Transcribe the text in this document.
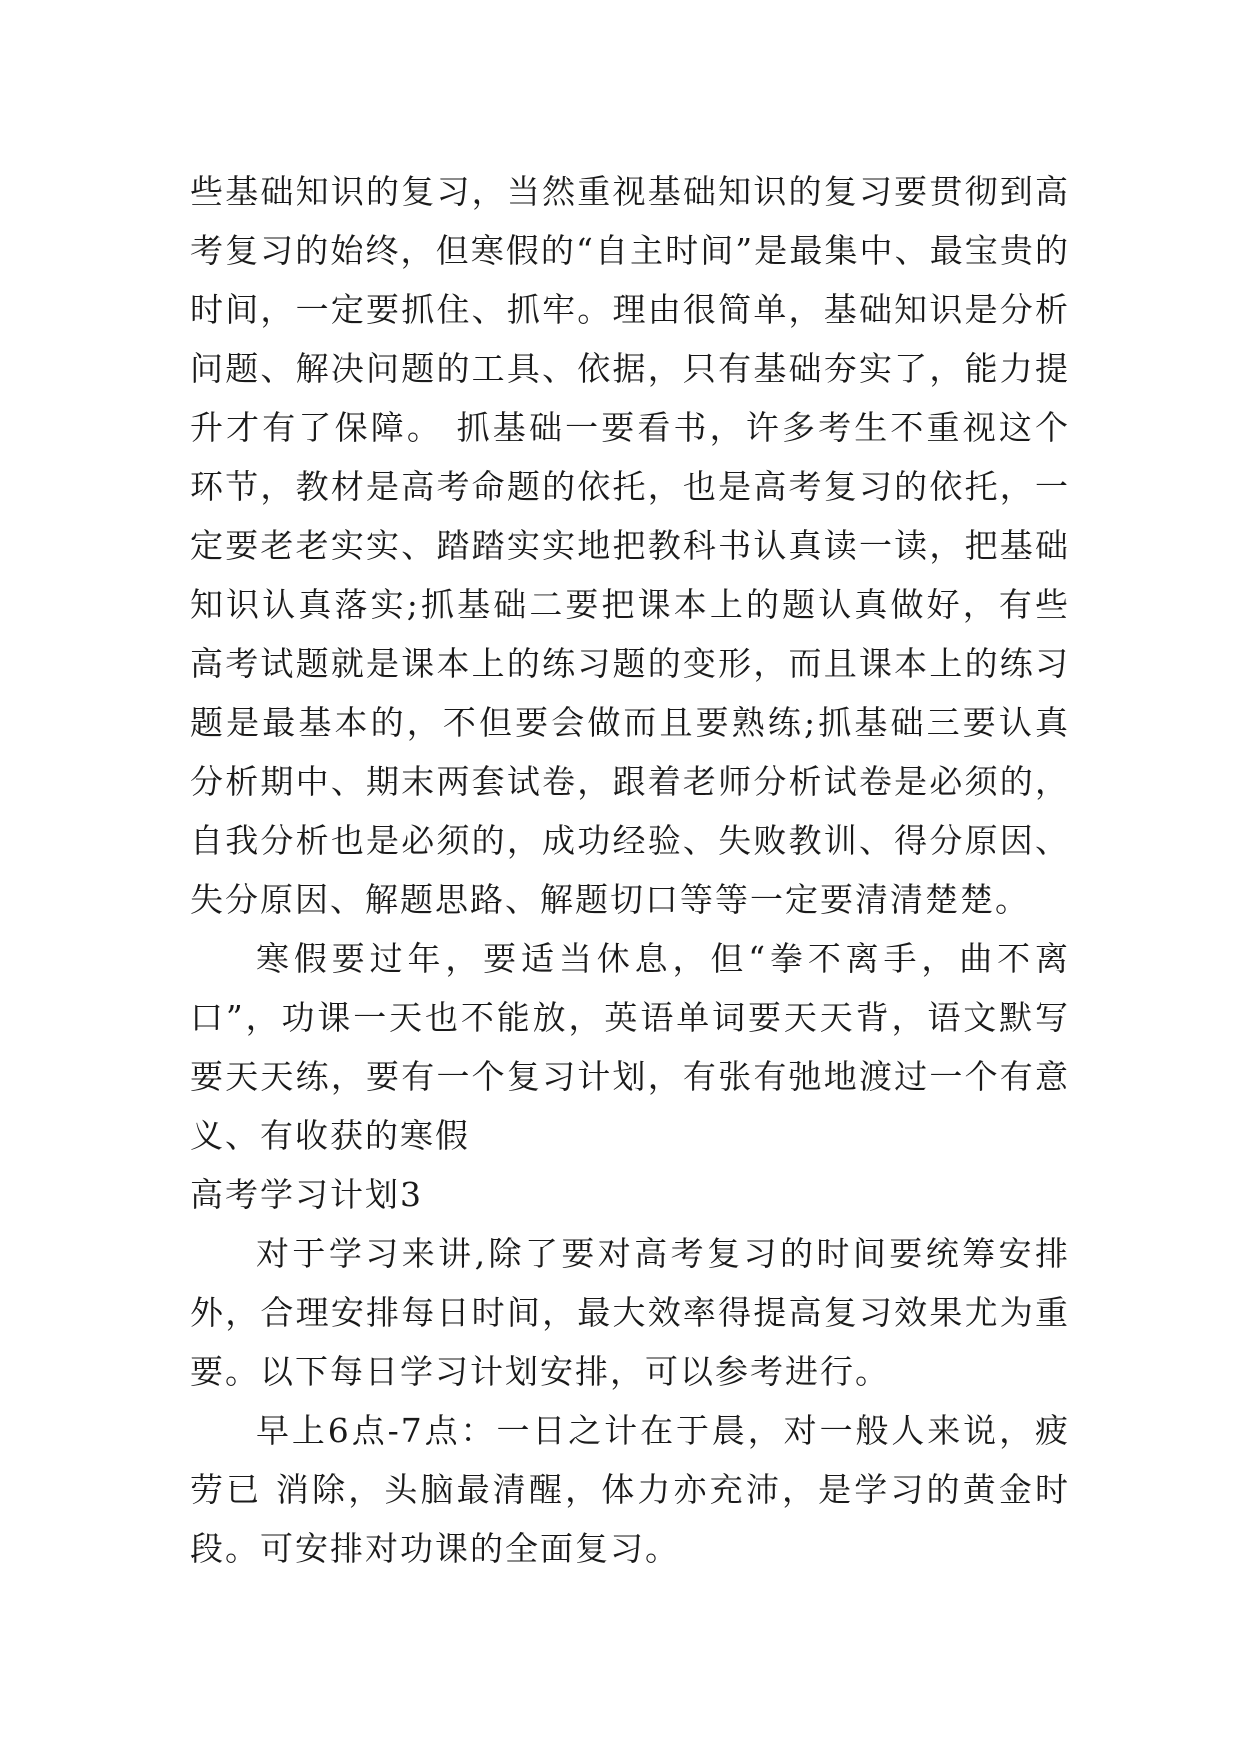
些基础知识的复习，当然重视基础知识的复习要贯彻到高考复习的始终，但寒假的“自主时间”是最集中、最宝贵的时间，一定要抓住、抓牢。理由很简单，基础知识是分析问题、解决问题的工具、依据，只有基础夯实了，能力提升才有了保障。 抓基础一要看书，许多考生不重视这个环节，教材是高考命题的依托，也是高考复习的依托，一定要老老实实、踏踏实实地把教科书认真读一读，把基础知识认真落实;抓基础二要把课本上的题认真做好，有些高考试题就是课本上的练习题的变形，而且课本上的练习题是最基本的，不但要会做而且要熟练;抓基础三要认真分析期中、期末两套试卷，跟着老师分析试卷是必须的，自我分析也是必须的，成功经验、失败教训、得分原因、失分原因、解题思路、解题切口等等一定要清清楚楚。

寒假要过年，要适当休息，但“拳不离手，曲不离口”，功课一天也不能放，英语单词要天天背，语文默写要天天练，要有一个复习计划，有张有弛地渡过一个有意义、有收获的寒假

高考学习计划3

对于学习来讲,除了要对高考复习的时间要统筹安排外，合理安排每日时间，最大效率得提高复习效果尤为重要。以下每日学习计划安排，可以参考进行。

早上6点-7点：一日之计在于晨，对一般人来说，疲劳已 消除，头脑最清醒，体力亦充沛，是学习的黄金时段。可安排对功课的全面复习。
